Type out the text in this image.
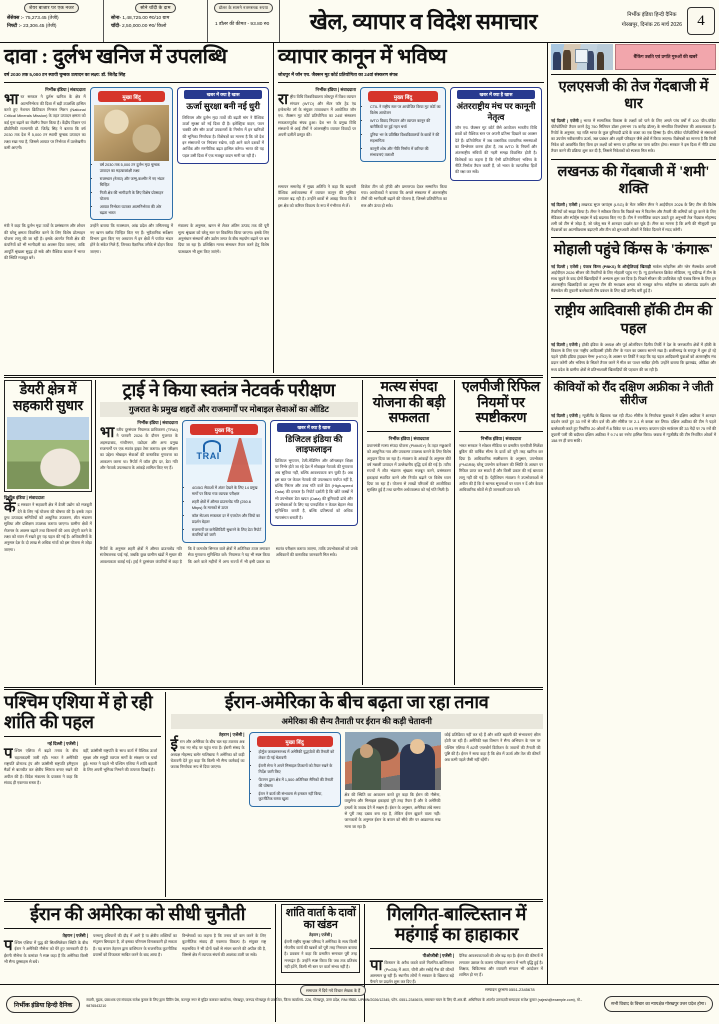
शेयर बाजार पर एक नजर
सेंसेक्स :- 75,273.45 (तेजी)
निफ्टी :- 23,306.45 (तेजी)
सोने चाँदी के दाम
सोना- 1,48,725.00 रु0/10 ग्राम
चाँदी- 2,50,000.00 रु0/ किलो
डॉलर के सामने नतमस्तक रुपया
1 डॉलर की कीमत - 93.80 रु0	खेल, व्यापार व विदेश समाचार	निर्भीक इंडिया हिन्दी दैनिक
गोरखपुर, दिनांक 26 मार्च 2026	4
दावा : दुर्लभ खनिज में उपलब्धि
वर्ष 2030 तक 5,000 टन स्थायी चुम्बक उत्पादन का लक्ष्य: डॉ. जितेंद्र सिंह
निर्भीक इंडिया | संवाददाता
भारत सरकार ने दुर्लभ खनिज के क्षेत्र में आत्मनिर्भरता की दिशा में बड़ी उपलब्धि हासिल करते हुए नेशनल क्रिटिकल मिनरल मिशन (National Critical Minerals Mission) के तहत उत्पादन क्षमता को कई गुना बढ़ाने का रोडमैप तैयार किया है। केंद्रीय विज्ञान एवं प्रौद्योगिकी राज्यमंत्री डॉ. जितेंद्र सिंह ने बताया कि वर्ष 2030 तक देश में 5,000 टन स्थायी चुम्बक उत्पादन का लक्ष्य रखा गया है, जिससे आयात पर निर्भरता में उल्लेखनीय कमी आएगी।
मुख्य बिंदु
• वर्ष 2030 तक 5,000 टन दुर्लभ मृदा चुम्बक उत्पादन का महत्वाकांक्षी लक्ष्य
• राजस्थान (नेलाट) और जम्मू-कश्मीर में नए भंडार चिन्हित
• निजी क्षेत्र की भागीदारी के लिए विशेष प्रोत्साहन योजना
• आयात निर्भरता घटाकर आत्मनिर्भरता की ओर बढ़ता भारत
खबर में क्या है खास
ऊर्जा सुरक्षा बनी नई धुरी
लिथियम और दुर्लभ मृदा तत्वों की बढ़ती मांग ने वैश्विक ऊर्जा सुरक्षा को नई दिशा दी है। इलेक्ट्रिक वाहन, पवन चक्की और सौर ऊर्जा उपकरणों के निर्माण में इन खनिजों की भूमिका निर्णायक है। विशेषज्ञों का मानना है कि जो देश इन संसाधनों पर नियंत्रण रखेगा, वही आने वाले दशकों में आर्थिक और रणनीतिक बढ़त हासिल करेगा। भारत की यह पहल उसी दिशा में एक मजबूत कदम मानी जा रही है।
मंत्री ने कहा कि दुर्लभ मृदा तत्वों के प्रसंस्करण और शोधन की घरेलू क्षमता विकसित करने के लिए विशेष प्रोत्साहन योजना लागू की जा रही है। इसके अंतर्गत निजी क्षेत्र की कंपनियों को भी भागीदारी का अवसर दिया जाएगा, ताकि आपूर्ति श्रृंखला सुदृढ़ हो सके और वैश्विक बाजार में भारत की स्थिति मजबूत बने।
उन्होंने बताया कि राजस्थान, आंध्र प्रदेश और तमिलनाडु में नए खनन ब्लॉक चिन्हित किए गए हैं। भूवैज्ञानिक सर्वेक्षण विभाग द्वारा किए गए अध्ययन में इन क्षेत्रों में पर्याप्त भंडार होने के संकेत मिले हैं, जिनका वैज्ञानिक तरीके से दोहन किया जाएगा।
मंत्रालय के अनुसार, खनन से लेकर अंतिम उत्पाद तक की पूरी मूल्य श्रृंखला को घरेलू स्तर पर विकसित किया जाएगा। इसके लिए अनुसंधान संस्थानों और उद्योग जगत के बीच सहयोग बढ़ाने पर बल दिया जा रहा है। प्रशिक्षित मानव संसाधन तैयार करने हेतु विशेष पाठ्यक्रम भी शुरू किए जाएंगे।
व्यापार कानून में भविष्य
जोधपुर में जॉन एच. जैक्सन मूट कोर्ट प्रतियोगिता का 24वां संस्करण संपन्न
निर्भीक इंडिया | संवाददाता
राष्ट्रीय विधि विश्वविद्यालय जोधपुर में विश्व व्यापार संगठन (WTO) और सेंटर फॉर ट्रेड एंड इन्वेस्टमेंट लॉ के संयुक्त तत्वावधान में आयोजित जॉन एच. जैक्सन मूट कोर्ट प्रतियोगिता का 24वां संस्करण सफलतापूर्वक संपन्न हुआ। देश भर के प्रमुख विधि संस्थानों से आई टीमों ने अंतरराष्ट्रीय व्यापार विवादों पर अपनी दलीलें प्रस्तुत कीं।
मुख्य बिंदु
• CTIL ने राष्ट्रीय स्तर पर आयोजित किया मूट कोर्ट का विशेष आयोजन
• WTO विवाद निपटान और व्यापार कानून की बारीकियों पर हुई गहन चर्चा
• दुनिया भर के प्रतिष्ठित विश्वविद्यालयों के छात्रों ने की सहभागिता
• कानूनी शोध और नीति निर्माण में करियर की संभावनाएं तलाशीं
खबर में क्या है खास
अंतरराष्ट्रीय मंच पर कानूनी नेतृत्व
जॉन एच. जैक्सन मूट कोर्ट जैसे आयोजन भारतीय विधि छात्रों को वैश्विक स्तर पर अपनी प्रतिभा दिखाने का अवसर देते हैं। प्रतियोगिता में जब वास्तविक व्यापारिक समस्याओं का विश्लेषण करना होता है, तब WTO के नियमों और अंतरराष्ट्रीय संधियों की गहरी समझ विकसित होती है। विशेषज्ञों का कहना है कि ऐसी प्रतियोगिताएं भविष्य के नीति-निर्माता तैयार करती हैं, जो भारत के व्यापारिक हितों की रक्षा कर सकें।
समापन समारोह में मुख्य अतिथि ने कहा कि बदलती वैश्विक अर्थव्यवस्था में व्यापार कानून की भूमिका लगातार बढ़ रही है। उन्होंने छात्रों से आग्रह किया कि वे इस क्षेत्र को करियर विकल्प के रूप में गंभीरता से लें।
विजेता टीम को ट्रॉफी और प्रमाणपत्र देकर सम्मानित किया गया। आयोजकों ने बताया कि अगले संस्करण में अंतरराष्ट्रीय टीमों की भागीदारी बढ़ाने की योजना है, जिससे प्रतियोगिता का स्तर और ऊंचा हो सके।
डेयरी क्षेत्र में सहकारी सुधार
निर्भीक इंडिया | संवाददाता
केंद्र सरकार ने सहकारी क्षेत्र में डेयरी उद्योग को मजबूती देने के लिए नई योजना की घोषणा की है। इसके तहत दुग्ध उत्पादक समितियों को आधुनिक उपकरण, शीत भंडारण सुविधा और प्रशिक्षण उपलब्ध कराया जाएगा। ग्रामीण क्षेत्रों में रोजगार के अवसर बढ़ाने तथा किसानों की आय दोगुनी करने के लक्ष्य को ध्यान में रखते हुए यह पहल की गई है। अधिकारियों के अनुसार देश के दो लाख से अधिक गांवों को इस योजना से जोड़ा जाएगा।
ट्राई ने किया स्वतंत्र नेटवर्क परीक्षण
गुजरात के प्रमुख शहरों और राजमार्गों पर मोबाइल सेवाओं का ऑडिट
निर्भीक इंडिया | संवाददाता
भारतीय दूरसंचार नियामक प्राधिकरण (TRAI) ने फरवरी 2026 के दौरान गुजरात के अहमदाबाद, गांधीनगर, वडोदरा और अन्य प्रमुख राजमार्गों पर एक स्वतंत्र ड्राइव टेस्ट कराया। इस परीक्षण का उद्देश्य मोबाइल सेवाओं की वास्तविक गुणवत्ता का आकलन करना था। रिपोर्ट में कॉल ड्रॉप दर, डेटा गति और नेटवर्क उपलब्धता के आंकड़े शामिल किए गए हैं।
मुख्य बिंदु
TRAI
• 4G/5G सेवाओं में अंतर देखने के लिए 14 प्रमुख मार्गों पर किया गया व्यापक परीक्षण
• शहरी क्षेत्रों में औसत डाउनलोड गति (250.6 Mbps) के मानकों से ऊपर
• कॉल सेटअप सफलता दर में एयरटेल और जियो का प्रदर्शन बेहतर
• राजमार्गों पर कनेक्टिविटी सुधारने के लिए डेटा रिपोर्ट कंपनियों को जारी
खबर में क्या है खास
डिजिटल इंडिया की लाइफलाइन
डिजिटल भुगतान, टेली-मेडिसिन और ऑनलाइन शिक्षा पर निर्भर होते जा रहे देश में मोबाइल नेटवर्क की गुणवत्ता अब सुविधा नहीं, बल्कि आवश्यकता बन चुकी है। अब इस बात पर केवल नेटवर्क की उपलब्धता पर्याप्त नहीं है, बल्कि निरंतर और उच्च गति वाले डेटा (High-speed Data) की दरकार है। रिपोर्ट दर्शाती है कि छोटे कस्बों में भी उपभोक्ता डेटा खपत (Data) की बुनियादी ढांचे और उपभोक्ताओं के लिए यह पारदर्शिता न केवल बेहतर सेवा सुनिश्चित करती है, बल्कि प्रतिस्पर्धा को अधिक न्यायसंगत बनाती है।
रिपोर्ट के अनुसार शहरी क्षेत्रों में औसत डाउनलोड गति संतोषजनक पाई गई, जबकि कुछ ग्रामीण खंडों में सुधार की आवश्यकता बताई गई। ट्राई ने दूरसंचार कंपनियों से कहा है कि वे कमजोर सिग्नल वाले क्षेत्रों में अतिरिक्त टावर लगाकर सेवा गुणवत्ता सुनिश्चित करें। नियामक ने यह भी स्पष्ट किया कि आने वाले महीनों में अन्य राज्यों में भी इसी प्रकार का स्वतंत्र परीक्षण कराया जाएगा, ताकि उपभोक्ताओं को उनके अधिकारों की वास्तविक जानकारी मिल सके।
मत्स्य संपदा योजना की बड़ी सफलता
निर्भीक इंडिया | संवाददाता
प्रधानमंत्री मत्स्य संपदा योजना (PMMSY) के तहत मछुआरों को आधुनिक नाव और उपकरण उपलब्ध कराने के लिए विशेष अनुदान दिया जा रहा है। मंत्रालय के आंकड़ों के अनुसार बीते वर्ष मछली उत्पादन में उल्लेखनीय वृद्धि दर्ज की गई है। तटीय राज्यों में शीत भंडारण श्रृंखला मजबूत करने, प्रसंस्करण इकाइयां स्थापित करने और निर्यात बढ़ाने पर विशेष ध्यान दिया जा रहा है। योजना से लाखों परिवारों की आजीविका सुरक्षित हुई है तथा ग्रामीण अर्थव्यवस्था को नई गति मिली है।
एलपीजी रिफिल नियमों पर स्पष्टीकरण
निर्भीक इंडिया | संवाददाता
भारत सरकार ने सोशल मीडिया पर प्रसारित एलपीजी सिलेंडर बुकिंग की वार्षिक सीमा के दावों को पूरी तरह खारिज कर दिया है। आधिकारिक स्पष्टीकरण के अनुसार, उपभोक्ता (PNGRB) घरेलू उपभोग कनेक्शन की स्थिति के आधार पर रिफिल प्राप्त कर सकते हैं और किसी प्रकार की नई बाध्यता लागू नहीं की गई है। पेट्रोलियम मंत्रालय ने उपभोक्ताओं से अपील की है कि वे भ्रामक सूचनाओं पर ध्यान न दें और केवल आधिकारिक स्रोतों से ही जानकारी प्राप्त करें।
पश्चिम एशिया में हो रही शांति की पहल
नई दिल्ली | एजेंसी |
पश्चिम एशिया में बढ़ते तनाव के बीच चहलकदमी जारी रही। भारत ने अमेरिकी राष्ट्रपति डोनाल्ड ट्रंप और फ्रांसीसी राष्ट्रपति इमैनुएल मैक्रों से बातचीत कर क्षेत्रीय स्थिरता बनाए रखने की अपील की है। विदेश मंत्रालय के प्रवक्ता ने कहा कि संवाद ही एकमात्र रास्ता है।
वहीं, फ्रांसीसी राष्ट्रपति के साथ वार्ता में वैश्विक ऊर्जा सुरक्षा और समुद्री व्यापार मार्गों के संरक्षण पर चर्चा हुई। भारत ने पहले भी पश्चिम एशिया में शांति बहाली के लिए अपनी भूमिका निभाने की तत्परता दिखाई है।
ईरान-अमेरिका के बीच बढ़ता जा रहा तनाव
अमेरिका की सैन्य तैनाती पर ईरान की कड़ी चेतावनी
तेहरान | एजेंसी |
ईरान और अमेरिका के बीच चल रहा टकराव अब एक नए मोड़ पर पहुंच गया है। ईरानी संसद के अध्यक्ष मोहम्मद बागेर गालिबाफ ने अमेरिका को कड़ी चेतावनी देते हुए कहा कि किसी भी सैन्य कार्रवाई का जवाब निर्णायक रूप से दिया जाएगा।
मुख्य बिंदु
• होर्मुज जलडमरूमध्य में अमेरिकी युद्धपोतों की तैनाती को लेकर दी गई चेतावनी
• ईरानी सेना ने अपने मिसाइल ठिकानों को तैयार रखने के निर्देश जारी किए
• पेंटागन द्वारा क्षेत्र में 1,500 अतिरिक्त सैनिकों की तैनाती की घोषणा
• ईरान ने वार्ता की संभावना से इनकार नहीं किया, कूटनीतिक रास्ता खुला
क्षेत्र की स्थिति का आकलन करते हुए कहा कि ईरान की नौसेना, वायुसेना और मिसाइल इकाइयां पूरी तरह तैयार हैं और वे अमेरिकी हमलों के जवाब देने में सक्षम हैं। ईरान के अनुसार, अमेरिका लंबे समय से पूरी तरह दबाव बना रहा है, लेकिन ईरान झुकने वाला नहीं। जानकारों के अनुसार ईरान के बयान को सीधे तौर पर आक्रामक रुख माना जा रहा है।
कोई प्रतिक्रिया नहीं कर रहे हैं और शांति बहाली की संभावनाएं क्षीण होती जा रही हैं। अमेरिकी रक्षा विभाग ने सैन्य अभियान के नाम पर पश्चिम एशिया में 82वीं एयरबोर्न डिवीजन के जवानों की तैनाती की पुष्टि की है। ईरान ने साफ कहा है कि क्षेत्र में ऊर्जा और तेल की कीमतें अब कभी पहले जैसी नहीं रहेंगी।
ईरान की अमेरिका को सीधी चुनौती
तेहरान | एजेंसी |
पश्चिम एशिया में युद्ध की सिलसिलेवार स्थिति के बीच ईरान ने अमेरिकी नौसेना को घेरे हुए जानकारी दी है। ईरानी नौसेना के कमांडर ने स्पष्ट कहा है कि अमेरिका किसी भी सैन्य दुस्साहस से बचे।
परमाणु हथियारों की दौड़ में आगे है या क्षेत्रीय शक्तियों का संतुलन बिगाड़ता है, तो इसका परिणाम विनाशकारी हो सकता है। यह बयान तेहरान द्वारा वाशिंगटन के राजनयिक कूटनीतिक प्रयासों को विफलता साबित करने के बाद आया है।
विश्लेषकों का कहना है कि तनाव को कम करने के लिए कूटनीतिक संवाद ही एकमात्र विकल्प है। संयुक्त राष्ट्र महासचिव ने भी दोनों पक्षों से संयम बरतने की अपील की है, जिससे क्षेत्र में व्यापक संघर्ष की आशंका टाली जा सके।
शांति वार्ता के दावों का खंडन
तेहरान | एजेंसी |
ईरानी राष्ट्रीय सुरक्षा परिषद ने अमेरिका के साथ किसी गोपनीय वार्ता की खबरों को पूरी तरह निराधार बताया है। प्रवक्ता ने कहा कि प्रसारित समाचार पूरी तरह मनगढ़ंत हैं। उन्होंने स्पष्ट किया कि जब तक प्रतिबंध नहीं हटेंगे, किसी भी स्तर पर वार्ता संभव नहीं है।
गिलगित-बाल्टिस्तान में महंगाई का हाहाकार
पीओजीबी | एजेंसी |
पाकिस्तान के अवैध कब्जे वाले गिलगित-बाल्टिस्तान (PoGB) में आटा, चीनी और रसोई गैस की कीमतें आसमान छू रही हैं। स्थानीय लोगों ने सरकार के खिलाफ बड़े पैमाने पर प्रदर्शन शुरू कर दिए हैं।
दैनिक आवश्यकताओं की ओर बढ़ रहा है। ईंधन की कीमतों में लगातार उछाल के कारण परिवहन लागत में भारी वृद्धि हुई है। शिक्षक, चिकित्सक और व्यापारी संगठन भी आंदोलन में शामिल हो गए हैं।
बैंकिंग उन्नति एवं प्रगति गुरुओं की खबरें
एलएसजी की तेज गेंदबाजी में धार
नई दिल्ली | एजेंसी | भारत में सामाजिक विकास के लक्ष्यों को पाने के लिए अगले पांच वर्षों में 100 'ग्रीन-पॉकेट पोर्टफोलियो' तैयार करने हेतु 750 मिलियन डॉलर (लगभग 75 करोड़ डॉलर) के संभावित वित्तपोषण की आवश्यकता है। रिपोर्ट के अनुसार, यह राशि भारत के कुल बुनियादी ढांचे के बजट का एक हिस्सा है। ग्रीन-पॉकेट पोर्टफोलियो से संसाधनों का उपयोग नवीकरणीय ऊर्जा, जल प्रबंधन और शहरी परिवहन जैसे क्षेत्रों में किया जाएगा। विशेषज्ञों का मानना है कि निजी निवेश को आकर्षित किए बिना इन लक्ष्यों को समय पर हासिल कर पाना कठिन होगा। सरकार ने इस दिशा में नीति ढांचा तैयार करने की प्रक्रिया शुरू कर दी है, जिससे निवेशकों को स्पष्टता मिल सके।
लखनऊ की गेंदबाजी में 'शमी' शक्ति
नई दिल्ली | एजेंसी | लखनऊ सुपर जायंट्स (LSG) के मेंटर जस्टिन लैंगर ने आईपीएल 2026 के लिए टीम की विशेष तैयारियों को साझा किया है। लैंगर ने स्वीकार किया कि पिछले सत्र में फिटनेस और तैयारी की कमियों को दूर करने के लिए मेडिकल और स्पोर्ट्स साइंस में बड़े बदलाव किए गए हैं। टीम ने रणनीतिक कदम उठाते हुए अनुभवी तेज गेंदबाज मोहम्मद शमी को टीम से जोड़ा है, जो घरेलू सत्र में शानदार प्रदर्शन कर चुके हैं। लैंगर का मानना है कि शमी की मौजूदगी युवा गेंदबाजों का आत्मविश्वास बढ़ाएगी और टीम को शुरुआती ओवरों में विकेट दिलाने में मदद करेगी।
मोहाली पहुंचे किंग्स के 'कंगारू'
नई दिल्ली | एजेंसी | पंजाब किंग्स (PBKS) के ऑस्ट्रेलियाई खिलाड़ी मार्कस स्टोइनिस और ग्लेन मैक्सवेल आगामी आईपीएल 2026 सीजन की तैयारियों के लिए मोहाली पहुंच गए हैं। न्यू इंटरनेशनल क्रिकेट स्टेडियम, न्यू चंडीगढ़ में टीम के साथ जुड़ने के बाद दोनों खिलाड़ियों ने अभ्यास शुरू कर दिया है। पिछले सीजन की उपविजेता रही पंजाब किंग्स के लिए इन अंतरराष्ट्रीय खिलाड़ियों का अनुभव टीम की मध्यक्रम क्षमता को मजबूत करेगा। स्टोइनिस का ऑलराउंड प्रदर्शन और मैक्सवेल की तूफानी बल्लेबाजी टीम प्रबंधन के लिए बड़ी उम्मीद बनी हुई है।
राष्ट्रीय आदिवासी हॉकी टीम की पहल
नई दिल्ली | एजेंसी | हॉकी इंडिया के अध्यक्ष और पूर्व ओलंपियन दिलीप तिर्की ने देश के जनजातीय क्षेत्रों में हॉकी के विकास के लिए एक 'राष्ट्रीय आदिवासी हॉकी टीम' के गठन का प्रस्ताव सामने रखा है। छत्तीसगढ़ के रायपुर में शुरू हो रहे पहले 'हॉकी इंडिया ट्राइबल गेम्स' (HITG) के अवसर पर तिर्की ने कहा कि यह पहल आदिवासी युवाओं को अंतरराष्ट्रीय मंच प्रदान करेगी और भविष्य के सितारे तैयार करने में मील का पत्थर साबित होगी। उन्होंने बताया कि झारखंड, ओडिशा और मध्य प्रदेश के ग्रामीण क्षेत्रों से प्रतिभाशाली खिलाड़ियों की पहचान की जा रही है।
कीवियों को रौंद दक्षिण अफ्रीका ने जीती सीरीज
नई दिल्ली | एजेंसी | न्यूजीलैंड के खिलाफ चल रही टी20 सीरीज के निर्णायक मुकाबले में दक्षिण अफ्रीका ने शानदार प्रदर्शन करते हुए 33 रनों से जीत दर्ज की और सीरीज पर 2-1 से कब्जा कर लिया। दक्षिण अफ्रीका की टीम ने पहले बल्लेबाजी करते हुए निर्धारित 20 ओवरों में 8 विकेट पर 191 रन बनाए। कप्तान एडेन मार्कराम की 33 गेंदों पर 75 रनों की तूफानी पारी की बदौलत दक्षिण अफ्रीका ने 9.74 का रनरेट हासिल किया। जवाब में न्यूजीलैंड की टीम निर्धारित ओवरों में 158 रन ही बना सकी।
निर्भीक इंडिया हिन्दी दैनिक
स्वामी, मुद्रक, प्रकाशक एवं संपादक राजेश कुमार के लिए द्वारा प्रिंटिंग प्रेस, कानपुर नगर से मुद्रित कराकर कार्यालय, गोरखपुर, जनपद गोरखपुर से प्रकाशित, जिला कार्यालय- 226, गोरखपुर, उत्तर प्रदेश, RNI संख्या- UPHIN/2026/12345, फोन- 0551-2345678, समाचार चयन के लिए पी.आर.बी. अधिनियम के अंतर्गत उत्तरदायी सम्पादक राजेश कुमार (rajesh@example.com), मो.- 9876543210	सभी विवाद के विचार का न्यायक्षेत्र गोरखपुर उत्तर प्रदेश होगा।
समाचार में दिये गये विचार लेखक के हैं	सम्पादन दूरभाष 0551-2345678
